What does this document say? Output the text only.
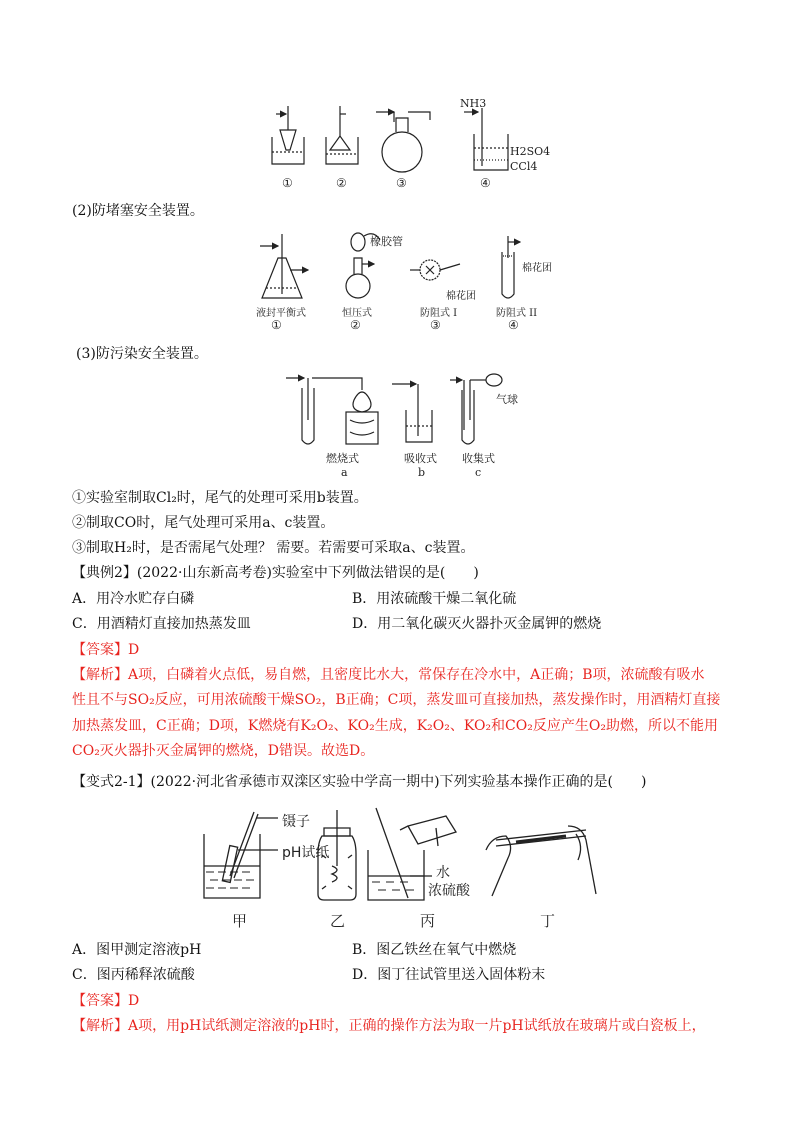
NH3
H2SO4
CCl4
①	②	③	④
(2)防堵塞安全装置。
橡胶管
棉花团
棉花团
液封平衡式	恒压式	防阻式 I	防阻式 II
①	②	③	④
(3)防污染安全装置。
气球
燃烧式	吸收式 收集式
a	b	c
①实验室制取Cl₂时，尾气的处理可采用b装置。
②制取CO时，尾气处理可采用a、c装置。
③制取H₂时，是否需尾气处理？ 需要。若需要可采取a、c装置。
【典例2】(2022·山东新高考卷)实验室中下列做法错误的是(　　)
A．用冷水贮存白磷	B．用浓硫酸干燥二氧化硫
C．用酒精灯直接加热蒸发皿	D．用二氧化碳灭火器扑灭金属钾的燃烧
【答案】D
【解析】A项，白磷着火点低，易自燃，且密度比水大，常保存在冷水中，A正确；B项，浓硫酸有吸水
性且不与SO₂反应，可用浓硫酸干燥SO₂，B正确；C项，蒸发皿可直接加热，蒸发操作时，用酒精灯直接
加热蒸发皿，C正确；D项，K燃烧有K₂O₂、KO₂生成，K₂O₂、KO₂和CO₂反应产生O₂助燃，所以不能用
CO₂灭火器扑灭金属钾的燃烧，D错误。故选D。
【变式2-1】(2022·河北省承德市双滦区实验中学高一期中)下列实验基本操作正确的是(　　)
镊子
pH试纸
水
浓硫酸
甲	乙	丙	丁
A．图甲测定溶液pH	B．图乙铁丝在氧气中燃烧
C．图丙稀释浓硫酸	D．图丁往试管里送入固体粉末
【答案】D
【解析】A项，用pH试纸测定溶液的pH时，正确的操作方法为取一片pH试纸放在玻璃片或白瓷板上，
